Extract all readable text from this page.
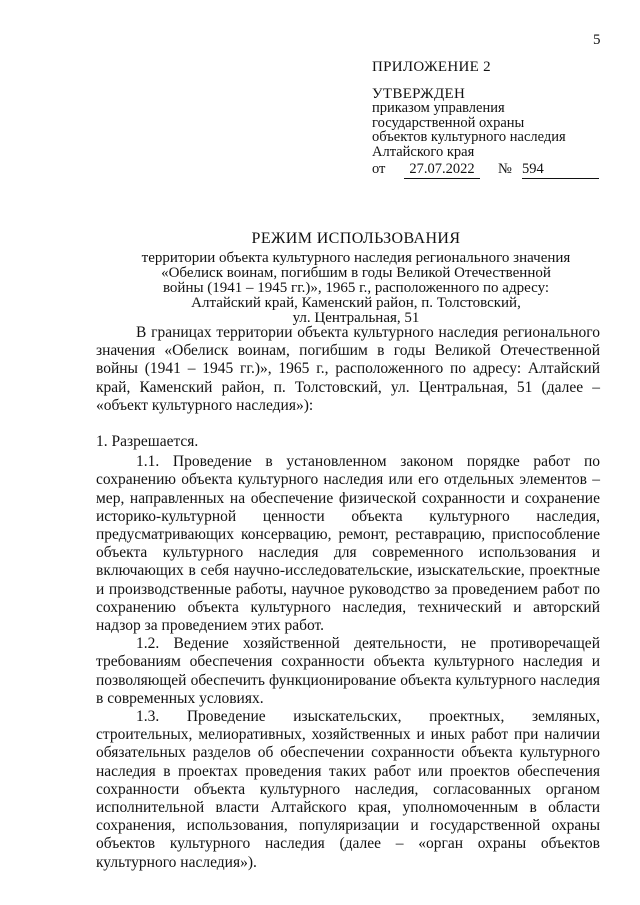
5
ПРИЛОЖЕНИЕ 2
УТВЕРЖДЕН
приказом управления
государственной охраны
объектов культурного наследия
Алтайского края
от	27.07.2022	№ 594
РЕЖИМ ИСПОЛЬЗОВАНИЯ
территории объекта культурного наследия регионального значения
«Обелиск воинам, погибшим в годы Великой Отечественной
войны (1941 – 1945 гг.)», 1965 г., расположенного по адресу:
Алтайский край, Каменский район, п. Толстовский,
ул. Центральная, 51

В границах территории объекта культурного наследия регионального значения «Обелиск воинам, погибшим в годы Великой Отечественной войны (1941 – 1945 гг.)», 1965 г., расположенного по адресу: Алтайский край, Каменский район, п. Толстовский, ул. Центральная, 51 (далее – «объект культурного наследия»):

1. Разрешается.

1.1. Проведение в установленном законом порядке работ по сохранению объекта культурного наследия или его отдельных элементов – мер, направленных на обеспечение физической сохранности и сохранение историко-культурной ценности объекта культурного наследия, предусматривающих консервацию, ремонт, реставрацию, приспособление объекта культурного наследия для современного использования и включающих в себя научно-исследовательские, изыскательские, проектные и производственные работы, научное руководство за проведением работ по сохранению объекта культурного наследия, технический и авторский надзор за проведением этих работ.

1.2. Ведение хозяйственной деятельности, не противоречащей требованиям обеспечения сохранности объекта культурного наследия и позволяющей обеспечить функционирование объекта культурного наследия в современных условиях.

1.3. Проведение изыскательских, проектных, земляных, строительных, мелиоративных, хозяйственных и иных работ при наличии обязательных разделов об обеспечении сохранности объекта культурного наследия в проектах проведения таких работ или проектов обеспечения сохранности объекта культурного наследия, согласованных органом исполнительной власти Алтайского края, уполномоченным в области сохранения, использования, популяризации и государственной охраны объектов культурного наследия (далее – «орган охраны объектов культурного наследия»).
